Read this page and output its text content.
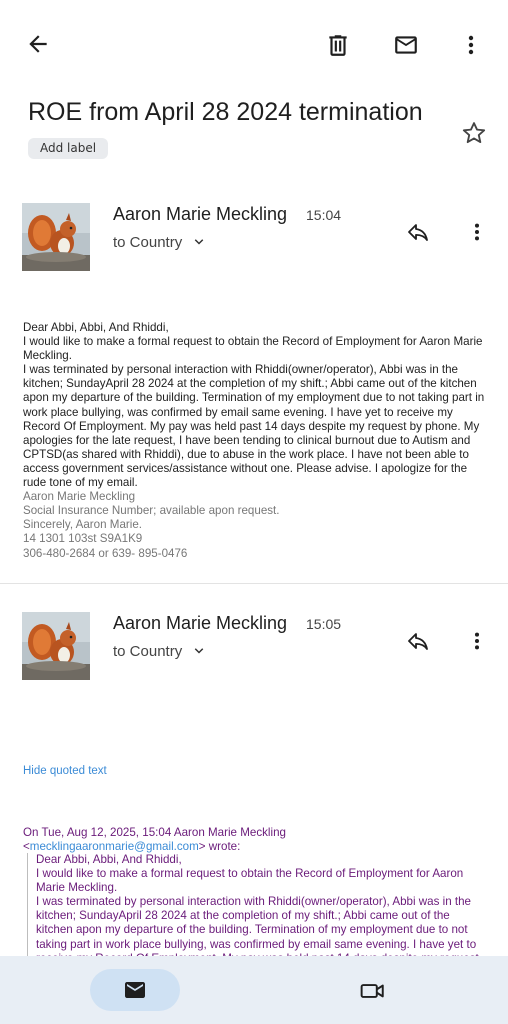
ROE from April 28 2024 termination
Add label
Aaron Marie Meckling 15:04
to Country

Dear Abbi, Abbi, And Rhiddi,

I would like to make a formal request to obtain the Record of Employment for Aaron Marie Meckling.

I was terminated by personal interaction with Rhiddi(owner/operator), Abbi was in the kitchen; SundayApril 28 2024 at the completion of my shift.; Abbi came out of the kitchen apon my departure of the building. Termination of my employment due to not taking part in work place bullying, was confirmed by email same evening. I have yet to receive my Record Of Employment. My pay was held past 14 days despite my request by phone. My apologies for the late request, I have been tending to clinical burnout due to Autism and CPTSD(as shared with Rhiddi), due to abuse in the work place. I have not been able to access government services/assistance without one. Please advise. I apologize for the rude tone of my email.

Aaron Marie Meckling

Social Insurance Number; available apon request.

Sincerely, Aaron Marie.

14 1301 103st S9A1K9

306-480-2684 or 639- 895-0476

Aaron Marie Meckling 15:05
to Country
Hide quoted text
On Tue, Aug 12, 2025, 15:04 Aaron Marie Meckling
<mecklingaaronmarie@gmail.com> wrote:

Dear Abbi, Abbi, And Rhiddi,

I would like to make a formal request to obtain the Record of Employment for Aaron Marie Meckling.

I was terminated by personal interaction with Rhiddi(owner/operator), Abbi was in the kitchen; SundayApril 28 2024 at the completion of my shift.; Abbi came out of the kitchen apon my departure of the building. Termination of my employment due to not taking part in work place bullying, was confirmed by email same evening. I have yet to
